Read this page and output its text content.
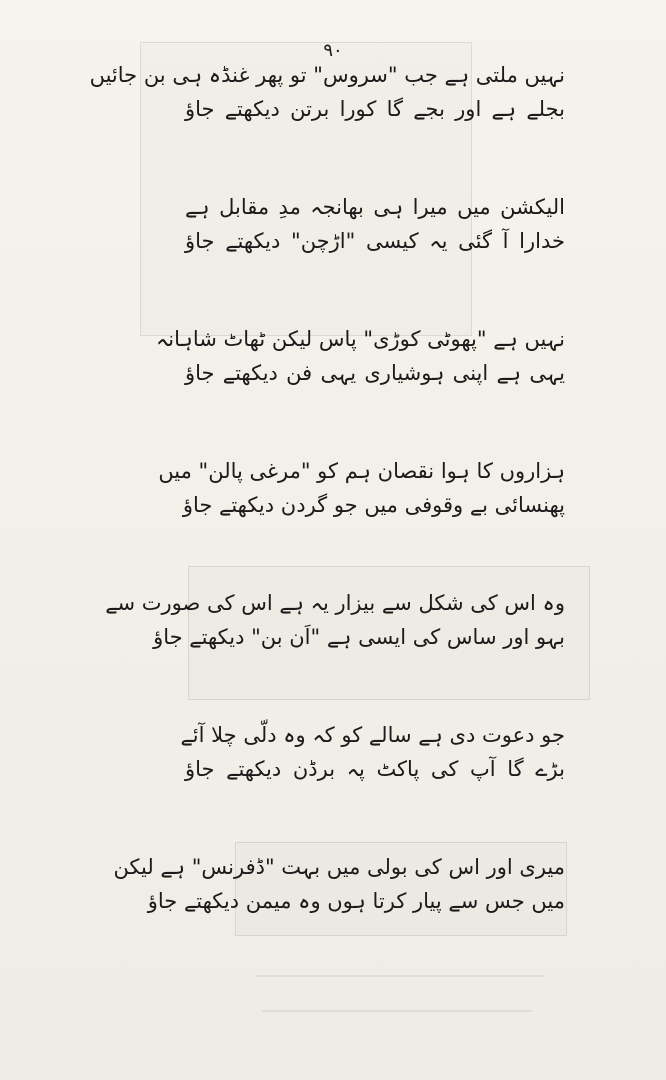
۹۰
نہیں ملتی ہے جب "سروس" تو پھر غنڈہ ہی بن جائیں
بجلے ہے اور بجے گا کورا برتن دیکھتے جاؤ
الیکشن میں میرا ہی بھانجہ مدِ مقابل ہے
خدارا آ گئی یہ کیسی "اڑچن" دیکھتے جاؤ
نہیں ہے "پھوٹی کوڑی" پاس لیکن ٹھاٹ شاہانہ
یہی ہے اپنی ہوشیاری یہی فن دیکھتے جاؤ
ہزاروں کا ہوا نقصان ہم کو "مرغی پالن" میں
پھنسائی بے وقوفی میں جو گردن دیکھتے جاؤ
وہ اس کی شکل سے بیزار یہ ہے اس کی صورت سے
بہو اور ساس کی ایسی ہے "اَن بن" دیکھتے جاؤ
جو دعوت دی ہے سالے کو کہ وہ دلّی چلا آئے
بڑے گا آپ کی پاکٹ پہ برڈن دیکھتے جاؤ
میری اور اس کی بولی میں بہت "ڈفرنس" ہے لیکن
میں جس سے پیار کرتا ہوں وہ میمن دیکھتے جاؤ
